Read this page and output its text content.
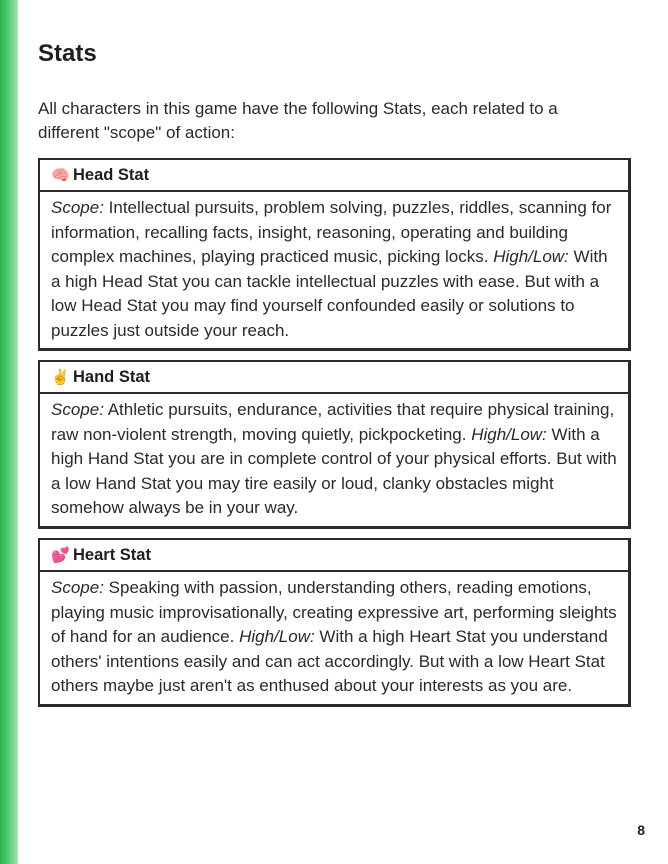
Stats

All characters in this game have the following Stats, each related to a different "scope" of action:

🧠 Head Stat
Scope: Intellectual pursuits, problem solving, puzzles, riddles, scanning for information, recalling facts, insight, reasoning, operating and building complex machines, playing practiced music, picking locks. High/Low: With a high Head Stat you can tackle intellectual puzzles with ease. But with a low Head Stat you may find yourself confounded easily or solutions to puzzles just outside your reach.
✌️ Hand Stat
Scope: Athletic pursuits, endurance, activities that require physical training, raw non-violent strength, moving quietly, pickpocketing. High/Low: With a high Hand Stat you are in complete control of your physical efforts. But with a low Hand Stat you may tire easily or loud, clanky obstacles might somehow always be in your way.
💕 Heart Stat
Scope: Speaking with passion, understanding others, reading emotions, playing music improvisationally, creating expressive art, performing sleights of hand for an audience. High/Low: With a high Heart Stat you understand others' intentions easily and can act accordingly. But with a low Heart Stat others maybe just aren't as enthused about your interests as you are.
8
